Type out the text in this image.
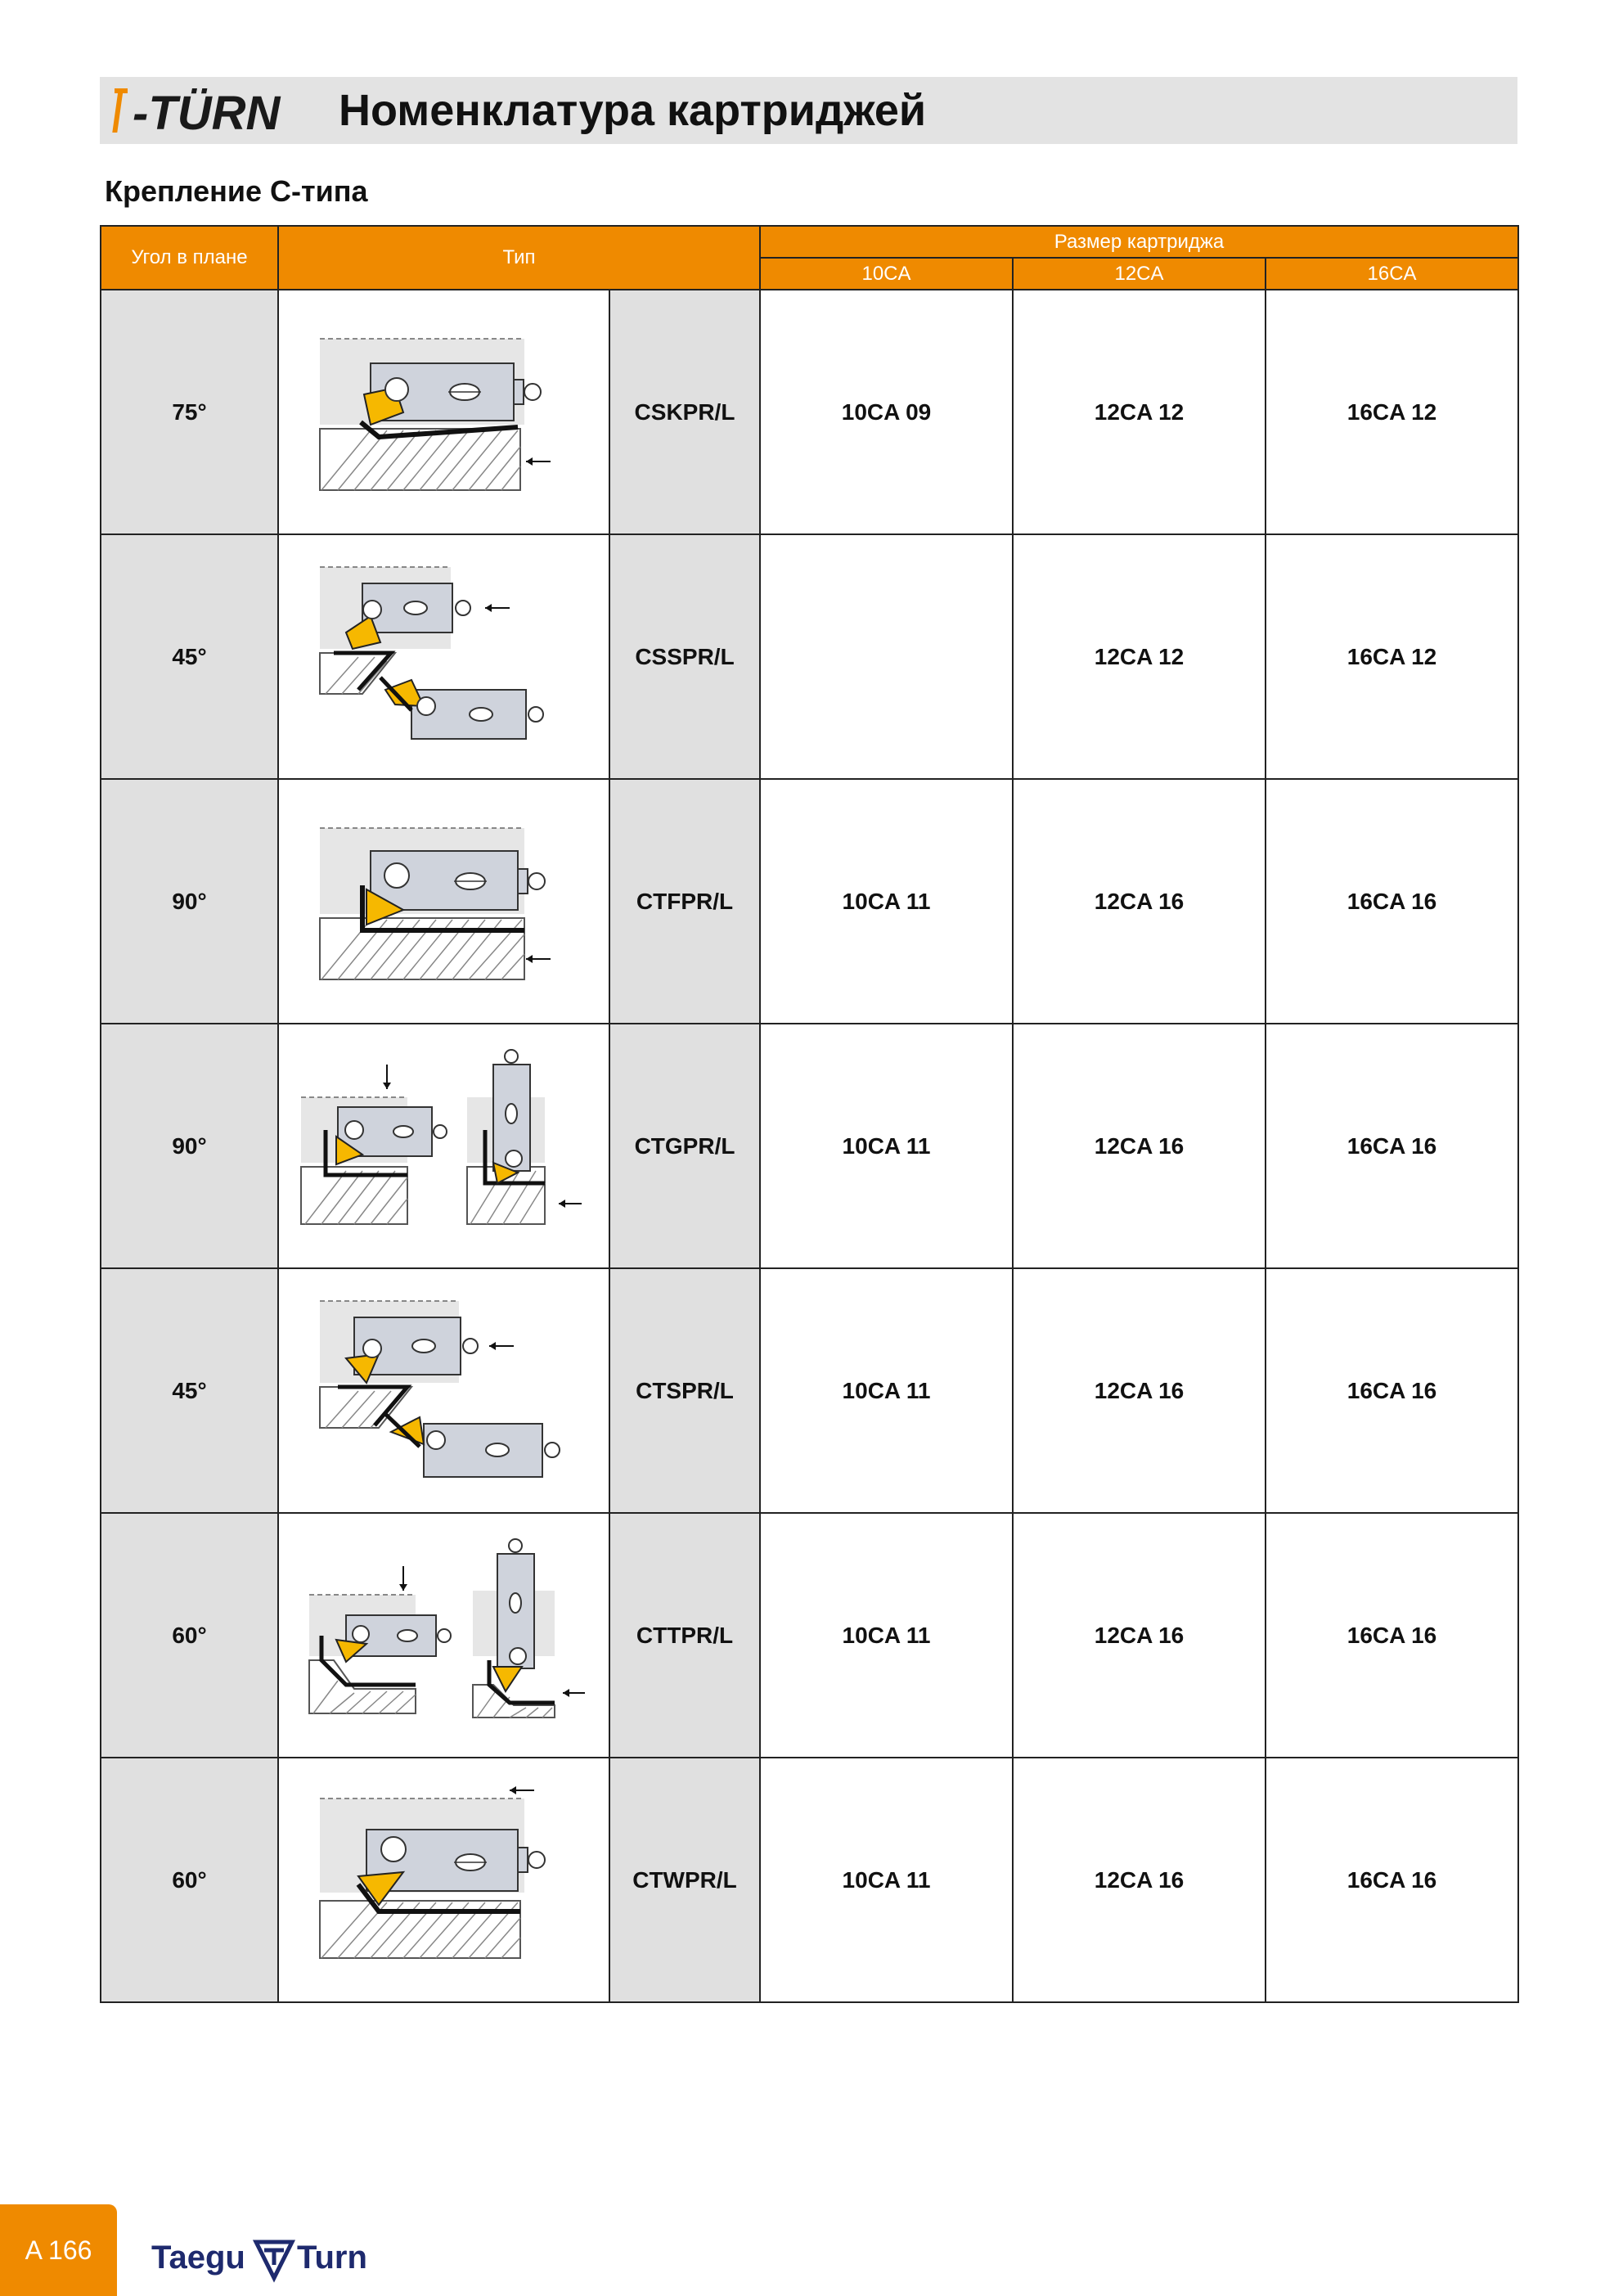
-TÜRN Номенклатура картриджей
Крепление С-типа
Угол в плане	Тип		Размер картриджа		
			10CA	12CA	16CA
75°		CSKPR/L	10CA 09	12CA 12	16CA 12
45°		CSSPR/L		12CA 12	16CA 12
90°		CTFPR/L	10CA 11	12CA 16	16CA 16
90°		CTGPR/L	10CA 11	12CA 16	16CA 16
45°		CTSPR/L	10CA 11	12CA 16	16CA 16
60°		CTTPR/L	10CA 11	12CA 16	16CA 16
60°		CTWPR/L	10CA 11	12CA 16	16CA 16
A 166	Taegu Turn
